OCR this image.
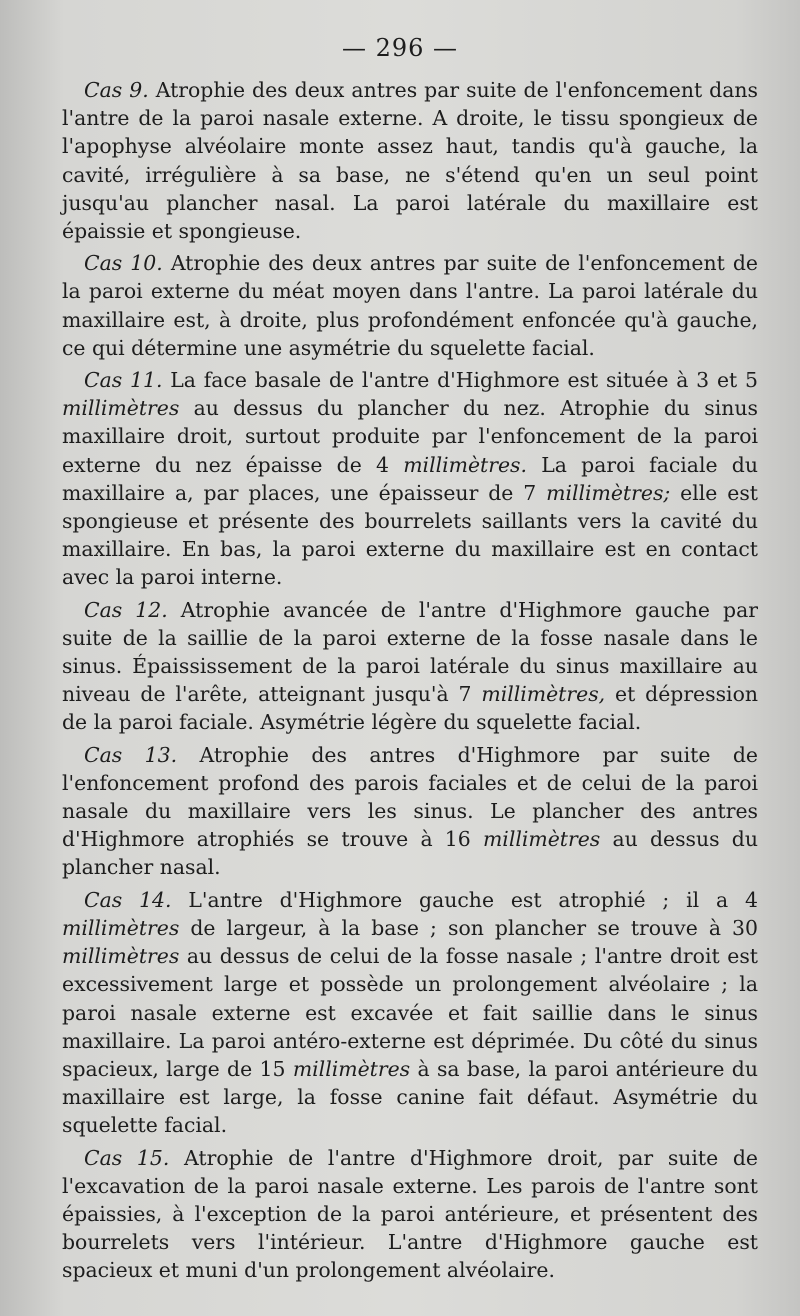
— 296 —

Cas 9. Atrophie des deux antres par suite de l'enfoncement dans l'antre de la paroi nasale externe. A droite, le tissu spongieux de l'apophyse alvéolaire monte assez haut, tandis qu'à gauche, la cavité, irrégulière à sa base, ne s'étend qu'en un seul point jusqu'au plancher nasal. La paroi latérale du maxillaire est épaissie et spongieuse.

Cas 10. Atrophie des deux antres par suite de l'enfoncement de la paroi externe du méat moyen dans l'antre. La paroi latérale du maxillaire est, à droite, plus profondément enfoncée qu'à gauche, ce qui détermine une asymétrie du squelette facial.

Cas 11. La face basale de l'antre d'Highmore est située à 3 et 5 millimètres au dessus du plancher du nez. Atrophie du sinus maxillaire droit, surtout produite par l'enfoncement de la paroi externe du nez épaisse de 4 millimètres. La paroi faciale du maxillaire a, par places, une épaisseur de 7 millimètres; elle est spongieuse et présente des bourrelets saillants vers la cavité du maxillaire. En bas, la paroi externe du maxillaire est en contact avec la paroi interne.

Cas 12. Atrophie avancée de l'antre d'Highmore gauche par suite de la saillie de la paroi externe de la fosse nasale dans le sinus. Épaississement de la paroi latérale du sinus maxillaire au niveau de l'arête, atteignant jusqu'à 7 millimètres, et dépression de la paroi faciale. Asymétrie légère du squelette facial.

Cas 13. Atrophie des antres d'Highmore par suite de l'enfoncement profond des parois faciales et de celui de la paroi nasale du maxillaire vers les sinus. Le plancher des antres d'Highmore atrophiés se trouve à 16 millimètres au dessus du plancher nasal.

Cas 14. L'antre d'Highmore gauche est atrophié ; il a 4 millimètres de largeur, à la base ; son plancher se trouve à 30 millimètres au dessus de celui de la fosse nasale ; l'antre droit est excessivement large et possède un prolongement alvéolaire ; la paroi nasale externe est excavée et fait saillie dans le sinus maxillaire. La paroi antéro-externe est déprimée. Du côté du sinus spacieux, large de 15 millimètres à sa base, la paroi antérieure du maxillaire est large, la fosse canine fait défaut. Asymétrie du squelette facial.

Cas 15. Atrophie de l'antre d'Highmore droit, par suite de l'excavation de la paroi nasale externe. Les parois de l'antre sont épaissies, à l'exception de la paroi antérieure, et présentent des bourrelets vers l'intérieur. L'antre d'Highmore gauche est spacieux et muni d'un prolongement alvéolaire.
